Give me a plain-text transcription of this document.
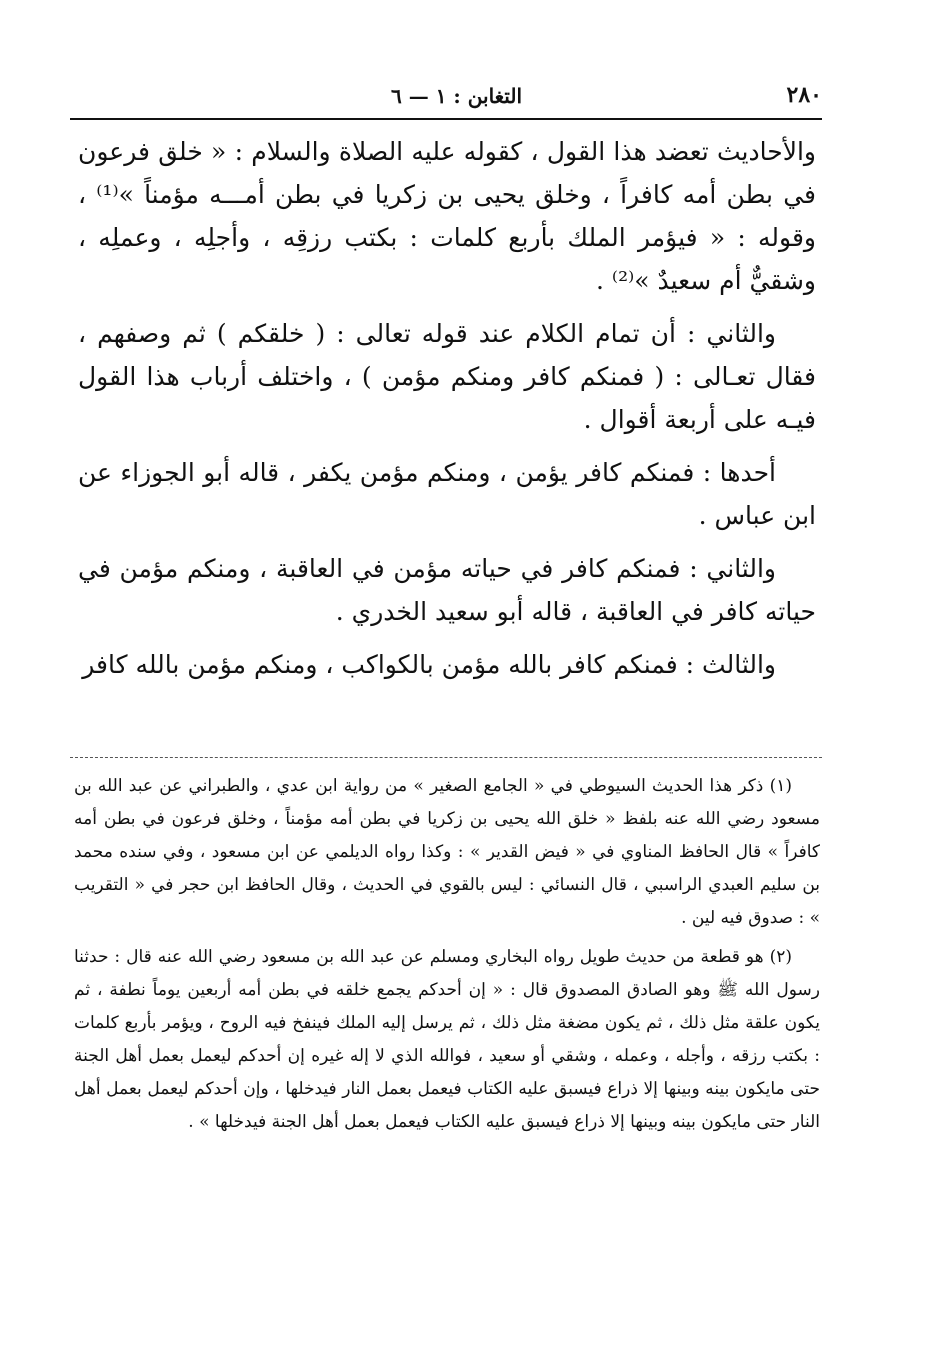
٢٨٠
التغابن : ١ — ٦

والأحاديث تعضد هذا القول ، كقوله عليه الصلاة والسلام : « خلق فرعون في بطن أمه كافراً ، وخلق يحيى بن زكريا في بطن أمـــه مؤمناً »⁽¹⁾ ، وقوله : « فيؤمر الملك بأربع كلمات : بكتب رزقِه ، وأجلِه ، وعملِه ، وشقيٌّ أم سعيدٌ »⁽²⁾ .

والثاني : أن تمام الكلام عند قوله تعالى : ( خلقكم ) ثم وصفهم ، فقال تعـالى : ( فمنكم كافر ومنكم مؤمن ) ، واختلف أرباب هذا القول فيـه على أربعة أقوال .

أحدها : فمنكم كافر يؤمن ، ومنكم مؤمن يكفر ، قاله أبو الجوزاء عن ابن عباس .

والثاني : فمنكم كافر في حياته مؤمن في العاقبة ، ومنكم مؤمن في حياته كافر في العاقبة ، قاله أبو سعيد الخدري .

والثالث : فمنكم كافر بالله مؤمن بالكواكب ، ومنكم مؤمن بالله كافر

(١) ذكر هذا الحديث السيوطي في « الجامع الصغير » من رواية ابن عدي ، والطبراني عن عبد الله بن مسعود رضي الله عنه بلفظ « خلق الله يحيى بن زكريا في بطن أمه مؤمناً ، وخلق فرعون في بطن أمه كافراً » قال الحافظ المناوي في « فيض القدير » : وكذا رواه الديلمي عن ابن مسعود ، وفي سنده محمد بن سليم العبدي الراسبي ، قال النسائي : ليس بالقوي في الحديث ، وقال الحافظ ابن حجر في « التقريب » : صدوق فيه لين .

(٢) هو قطعة من حديث طويل رواه البخاري ومسلم عن عبد الله بن مسعود رضي الله عنه قال : حدثنا رسول الله ﷺ وهو الصادق المصدوق قال : « إن أحدكم يجمع خلقه في بطن أمه أربعين يوماً نطفة ، ثم يكون علقة مثل ذلك ، ثم يكون مضغة مثل ذلك ، ثم يرسل إليه الملك فينفخ فيه الروح ، ويؤمر بأربع كلمات : بكتب رزقه ، وأجله ، وعمله ، وشقي أو سعيد ، فوالله الذي لا إله غيره إن أحدكم ليعمل بعمل أهل الجنة حتى مايكون بينه وبينها إلا ذراع فيسبق عليه الكتاب فيعمل بعمل النار فيدخلها ، وإن أحدكم ليعمل بعمل أهل النار حتى مايكون بينه وبينها إلا ذراع فيسبق عليه الكتاب فيعمل بعمل أهل الجنة فيدخلها » .
